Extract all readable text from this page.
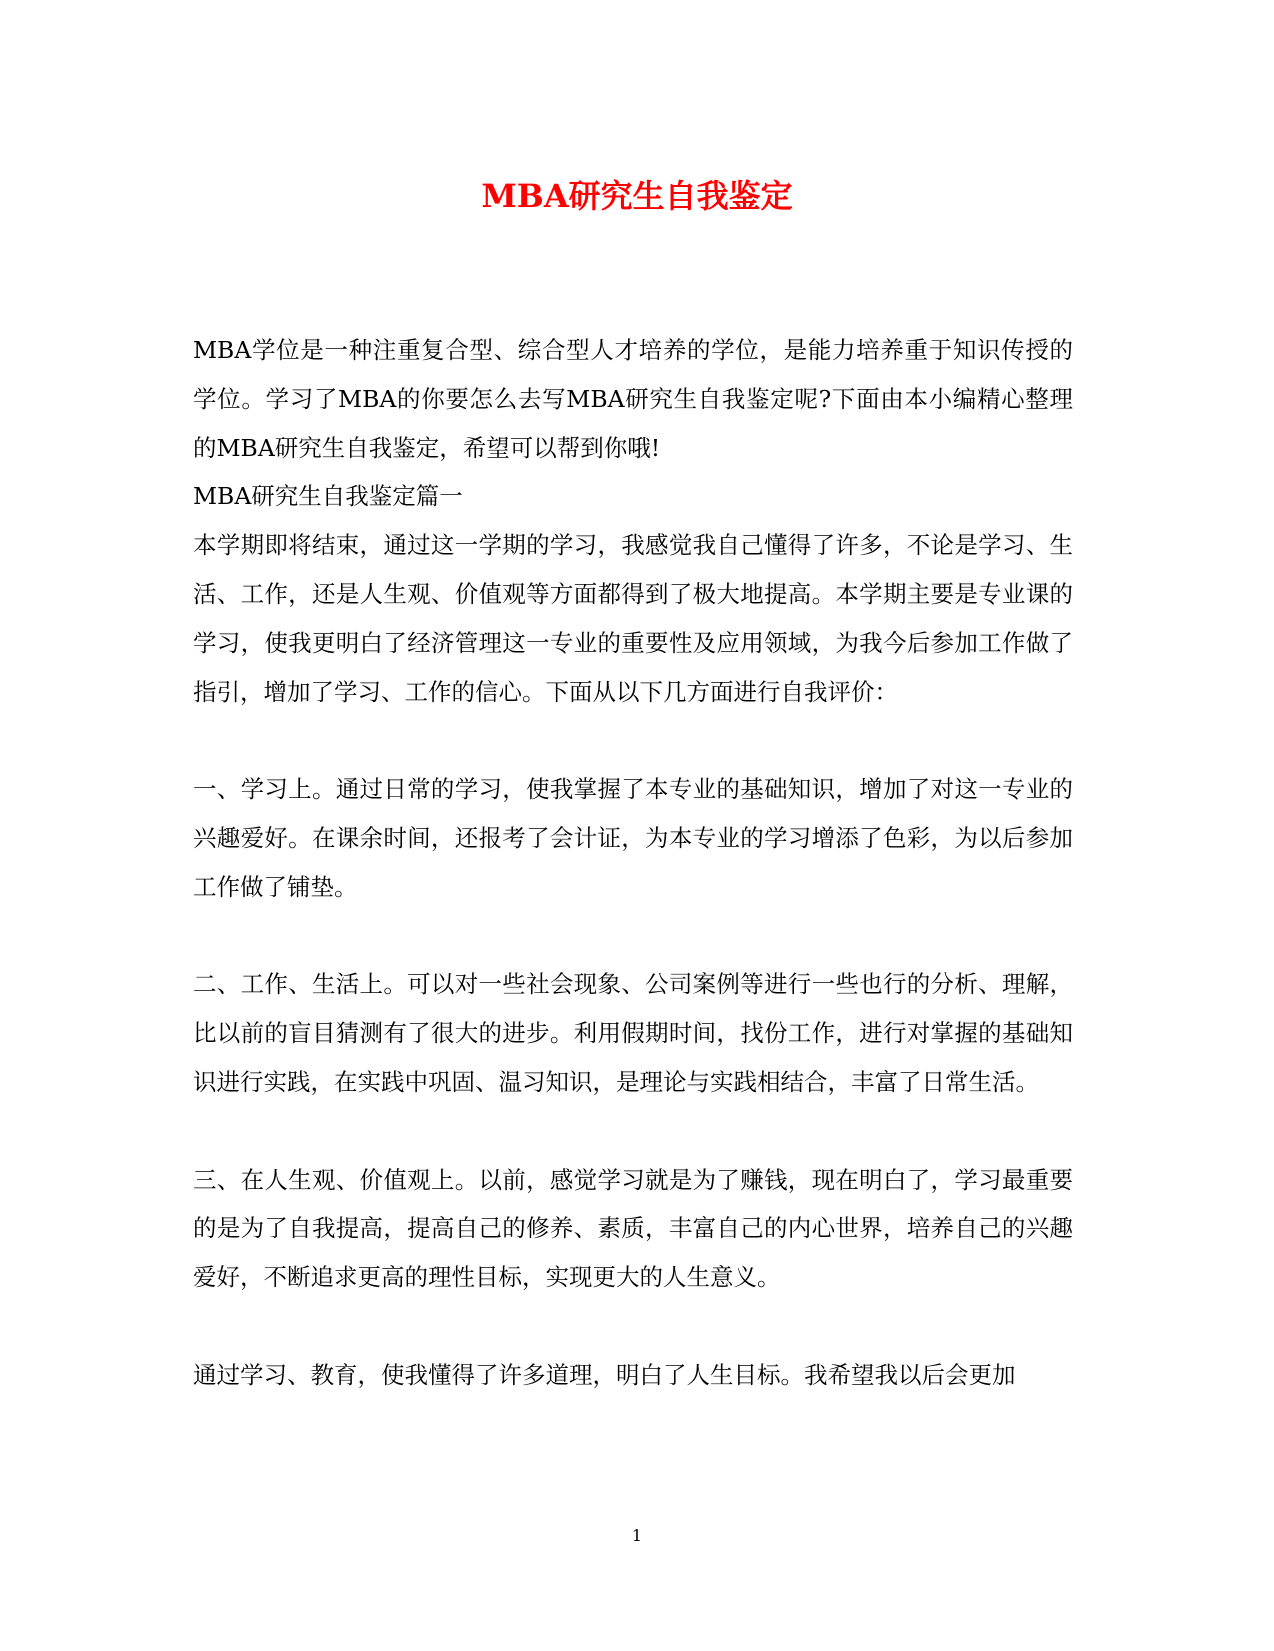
MBA研究生自我鉴定

MBA学位是一种注重复合型、综合型人才培养的学位，是能力培养重于知识传授的学位。学习了MBA的你要怎么去写MBA研究生自我鉴定呢?下面由本小编精心整理的MBA研究生自我鉴定，希望可以帮到你哦!

MBA研究生自我鉴定篇一

本学期即将结束，通过这一学期的学习，我感觉我自己懂得了许多，不论是学习、生活、工作，还是人生观、价值观等方面都得到了极大地提高。本学期主要是专业课的学习，使我更明白了经济管理这一专业的重要性及应用领域，为我今后参加工作做了指引，增加了学习、工作的信心。下面从以下几方面进行自我评价：

一、学习上。通过日常的学习，使我掌握了本专业的基础知识，增加了对这一专业的兴趣爱好。在课余时间，还报考了会计证，为本专业的学习增添了色彩，为以后参加工作做了铺垫。

二、工作、生活上。可以对一些社会现象、公司案例等进行一些也行的分析、理解，比以前的盲目猜测有了很大的进步。利用假期时间，找份工作，进行对掌握的基础知识进行实践，在实践中巩固、温习知识，是理论与实践相结合，丰富了日常生活。

三、在人生观、价值观上。以前，感觉学习就是为了赚钱，现在明白了，学习最重要的是为了自我提高，提高自己的修养、素质，丰富自己的内心世界，培养自己的兴趣爱好，不断追求更高的理性目标，实现更大的人生意义。

通过学习、教育，使我懂得了许多道理，明白了人生目标。我希望我以后会更加

1
